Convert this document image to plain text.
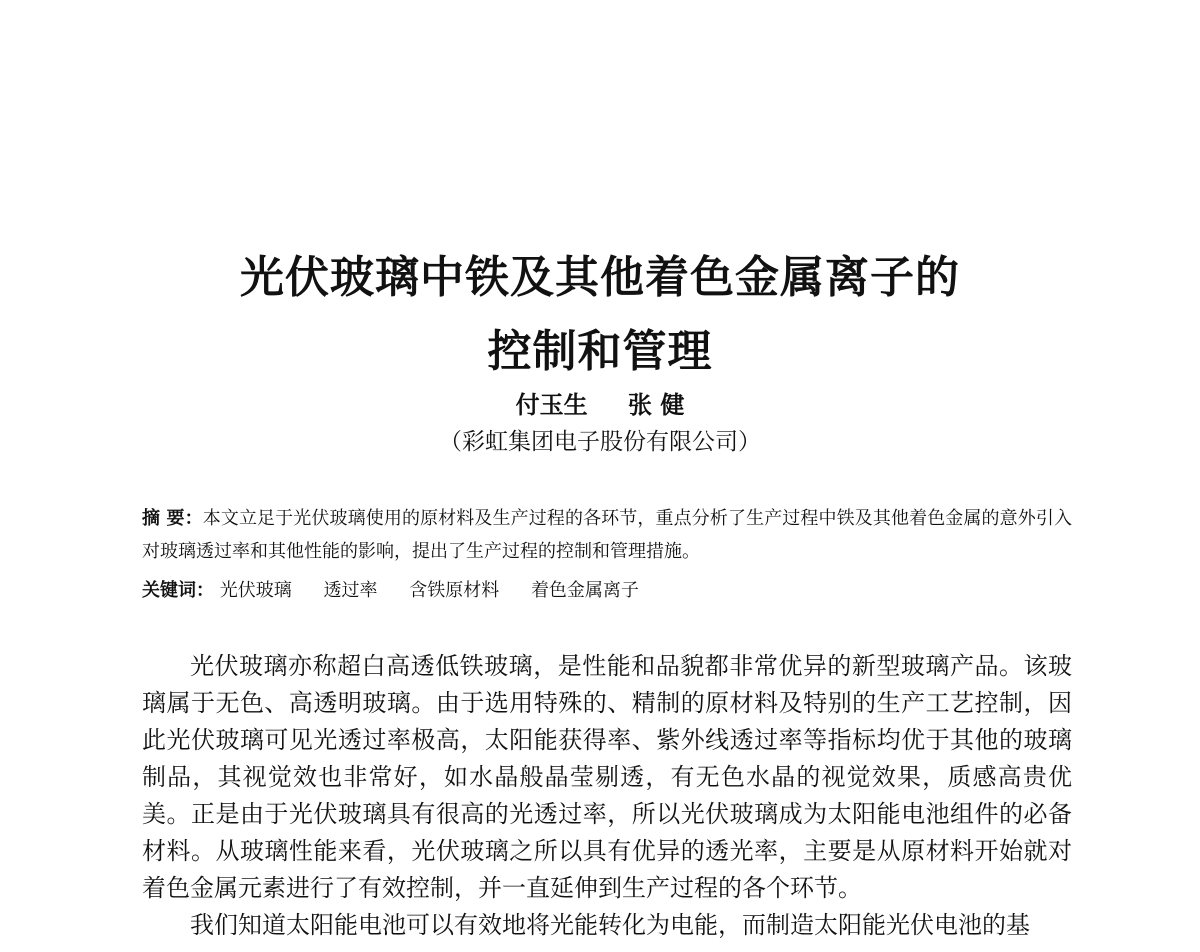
光伏玻璃中铁及其他着色金属离子的
控制和管理
付玉生 张 健
（彩虹集团电子股份有限公司）
摘 要：本文立足于光伏玻璃使用的原材料及生产过程的各环节，重点分析了生产过程中铁及其他着色金属的意外引入对玻璃透过率和其他性能的影响，提出了生产过程的控制和管理措施。
关键词： 光伏玻璃 透过率 含铁原材料 着色金属离子

光伏玻璃亦称超白高透低铁玻璃，是性能和品貌都非常优异的新型玻璃产品。该玻璃属于无色、高透明玻璃。由于选用特殊的、精制的原材料及特别的生产工艺控制，因此光伏玻璃可见光透过率极高，太阳能获得率、紫外线透过率等指标均优于其他的玻璃制品，其视觉效也非常好，如水晶般晶莹剔透，有无色水晶的视觉效果，质感高贵优美。正是由于光伏玻璃具有很高的光透过率，所以光伏玻璃成为太阳能电池组件的必备材料。从玻璃性能来看，光伏玻璃之所以具有优异的透光率，主要是从原材料开始就对着色金属元素进行了有效控制，并一直延伸到生产过程的各个环节。

我们知道太阳能电池可以有效地将光能转化为电能，而制造太阳能光伏电池的基
